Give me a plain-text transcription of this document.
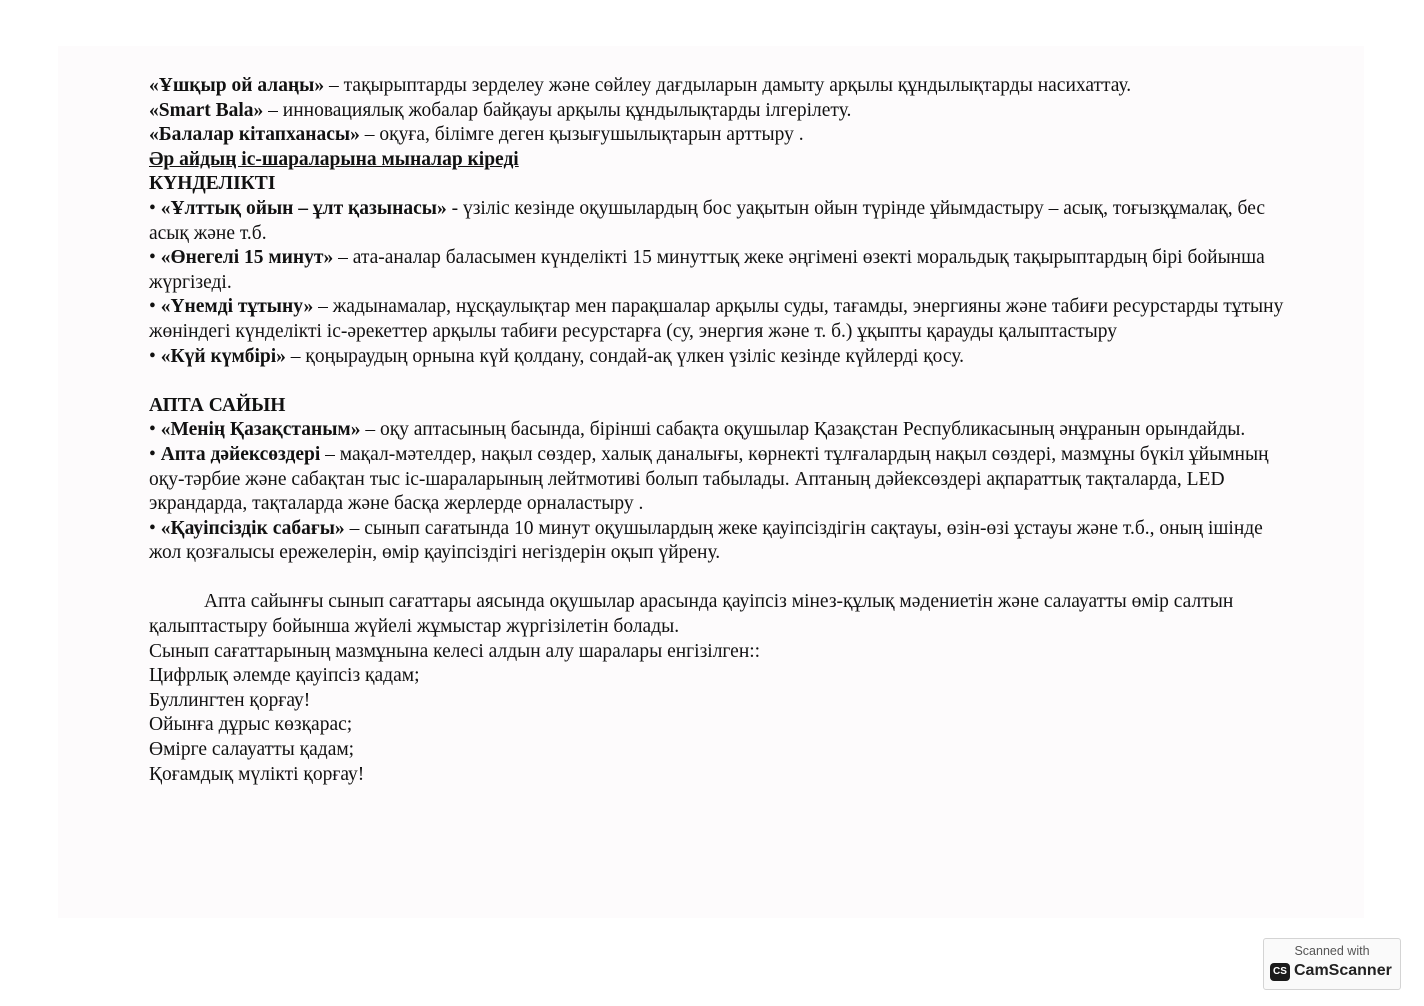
«Ұшқыр ой алаңы» – тақырыптарды зерделеу және сөйлеу дағдыларын дамыту арқылы құндылықтарды насихаттау.

«Smart Bala» – инновациялық жобалар байқауы арқылы құндылықтарды ілгерілету.

«Балалар кітапханасы» – оқуға, білімге деген қызығушылықтарын арттыру .

Әр айдың іс-шараларына мыналар кіреді

КҮНДЕЛІКТІ

• «Ұлттық ойын – ұлт қазынасы» - үзіліс кезінде оқушылардың бос уақытын ойын түрінде ұйымдастыру – асық, тоғызқұмалақ, бес асық және т.б.

• «Өнегелі 15 минут» – ата-аналар баласымен күнделікті 15 минуттық жеке әңгімені өзекті моральдық тақырыптардың бірі бойынша жүргізеді.

• «Үнемді тұтыну» – жадынамалар, нұсқаулықтар мен парақшалар арқылы суды, тағамды, энергияны және табиғи ресурстарды тұтыну жөніндегі күнделікті іс-әрекеттер арқылы табиғи ресурстарға (су, энергия және т. б.) ұқыпты қарауды қалыптастыру

• «Күй күмбірі» – қоңыраудың орнына күй қолдану, сондай-ақ үлкен үзіліс кезінде күйлерді қосу.

АПТА САЙЫН

• «Менің Қазақстаным» – оқу аптасының басында, бірінші сабақта оқушылар Қазақстан Республикасының әнұранын орындайды.

• Апта дәйексөздері – мақал-мәтелдер, нақыл сөздер, халық даналығы, көрнекті тұлғалардың нақыл сөздері, мазмұны бүкіл ұйымның оқу-тәрбие және сабақтан тыс іс-шараларының лейтмотиві болып табылады. Аптаның дәйексөздері ақпараттық тақталарда, LED экрандарда, тақталарда және басқа жерлерде орналастыру .

• «Қауіпсіздік сабағы» – сынып сағатында 10 минут оқушылардың жеке қауіпсіздігін сақтауы, өзін-өзі ұстауы және т.б., оның ішінде жол қозғалысы ережелерін, өмір қауіпсіздігі негіздерін оқып үйрену.

Апта сайынғы сынып сағаттары аясында оқушылар арасында қауіпсіз мінез-құлық мәдениетін және салауатты өмір салтын қалыптастыру бойынша жүйелі жұмыстар жүргізілетін болады.

Сынып сағаттарының мазмұнына келесі алдын алу шаралары енгізілген::

Цифрлық әлемде қауіпсіз қадам;

Буллингтен қорғау!

Ойынға дұрыс көзқарас;

Өмірге салауатты қадам;

Қоғамдық мүлікті қорғау!

Scanned with
CS CamScanner
